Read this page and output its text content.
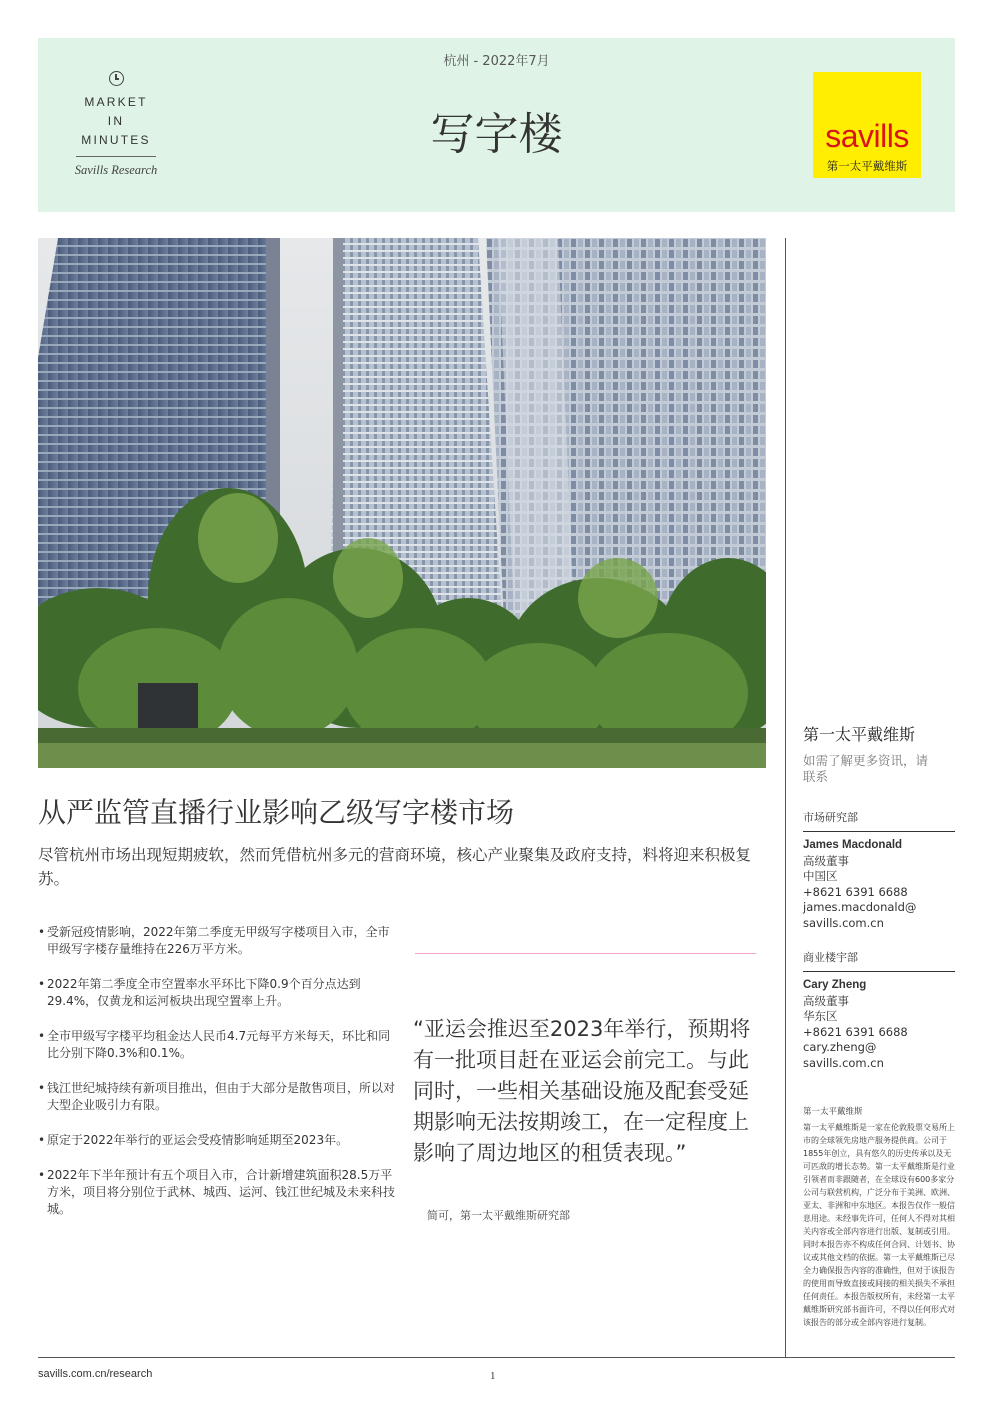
MARKET
IN
MINUTES
Savills Research
杭州 - 2022年7月
写字楼	savills
第一太平戴维斯
从严监管直播行业影响乙级写字楼市场

尽管杭州市场出现短期疲软，然而凭借杭州多元的营商环境，核心产业聚集及政府支持，料将迎来积极复苏。

• 受新冠疫情影响，2022年第二季度无甲级写字楼项目入市，全市甲级写字楼存量维持在226万平方米。
• 2022年第二季度全市空置率水平环比下降0.9个百分点达到29.4%，仅黄龙和运河板块出现空置率上升。
• 全市甲级写字楼平均租金达人民币4.7元每平方米每天，环比和同比分别下降0.3%和0.1%。
• 钱江世纪城持续有新项目推出，但由于大部分是散售项目，所以对大型企业吸引力有限。
• 原定于2022年举行的亚运会受疫情影响延期至2023年。
• 2022年下半年预计有五个项目入市，合计新增建筑面积28.5万平方米，项目将分别位于武林、城西、运河、钱江世纪城及未来科技城。
“亚运会推迟至2023年举行，预期将有一批项目赶在亚运会前完工。与此同时，一些相关基础设施及配套受延期影响无法按期竣工，在一定程度上影响了周边地区的租赁表现。”
简可，第一太平戴维斯研究部
第一太平戴维斯
如需了解更多资讯，请联系
市场研究部
James Macdonald
高级董事
中国区
+8621 6391 6688
james.macdonald@
savills.com.cn
商业楼宇部
Cary Zheng
高级董事
华东区
+8621 6391 6688
cary.zheng@
savills.com.cn
第一太平戴维斯
第一太平戴维斯是一家在伦敦股票交易所上市的全球领先房地产服务提供商。公司于1855年创立，具有悠久的历史传承以及无可匹敌的增长态势。第一太平戴维斯是行业引领者而非跟随者，在全球设有600多家分公司与联营机构，广泛分布于美洲、欧洲、亚太、非洲和中东地区。本报告仅作一般信息用途。未经事先许可，任何人不得对其相关内容或全部内容进行出版、复制或引用。同时本报告亦不构成任何合同、计划书、协议或其他文档的依据。第一太平戴维斯已尽全力确保报告内容的准确性，但对于该报告的使用而导致直接或间接的相关损失不承担任何责任。本报告版权所有，未经第一太平戴维斯研究部书面许可，不得以任何形式对该报告的部分或全部内容进行复制。
savills.com.cn/research	1
